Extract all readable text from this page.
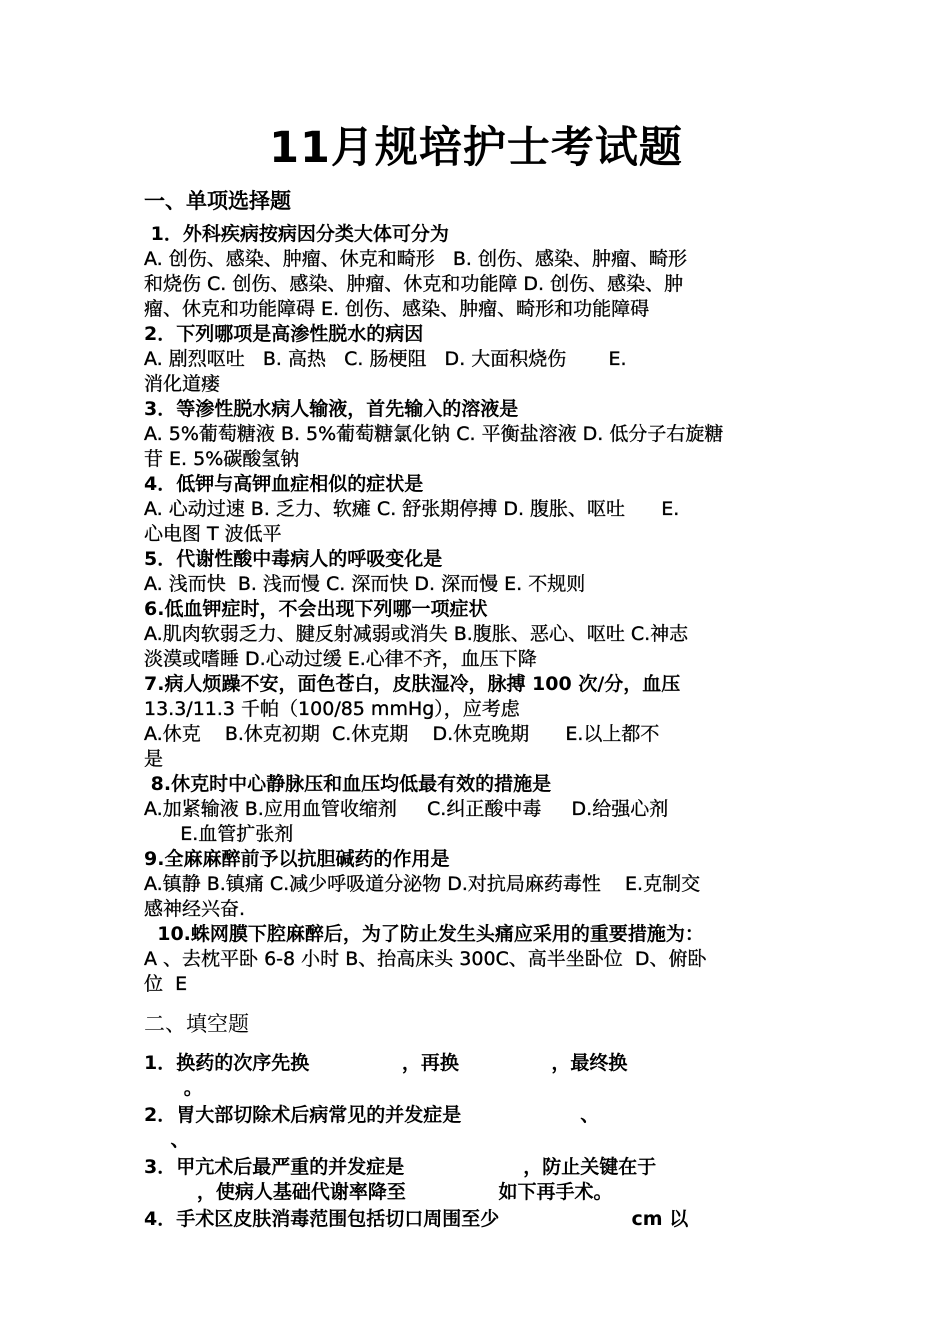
11月规培护士考试题
一、单项选择题
1．外科疾病按病因分类大体可分为
A. 创伤、感染、肿瘤、休克和畸形   B. 创伤、感染、肿瘤、畸形
和烧伤 C. 创伤、感染、肿瘤、休克和功能障 D. 创伤、感染、肿
瘤、休克和功能障碍 E. 创伤、感染、肿瘤、畸形和功能障碍
2．下列哪项是高渗性脱水的病因
A. 剧烈呕吐   B. 高热   C. 肠梗阻   D. 大面积烧伤       E.
消化道瘘
3．等渗性脱水病人输液，首先输入的溶液是
A. 5%葡萄糖液 B. 5%葡萄糖氯化钠 C. 平衡盐溶液 D. 低分子右旋糖
苷 E. 5%碳酸氢钠
4．低钾与高钾血症相似的症状是
A. 心动过速 B. 乏力、软瘫 C. 舒张期停搏 D. 腹胀、呕吐      E.
心电图 T 波低平
5．代谢性酸中毒病人的呼吸变化是
A. 浅而快  B. 浅而慢 C. 深而快 D. 深而慢 E. 不规则
6.低血钾症时，不会出现下列哪一项症状
A.肌肉软弱乏力、腱反射减弱或消失 B.腹胀、恶心、呕吐 C.神志
淡漠或嗜睡 D.心动过缓 E.心律不齐，血压下降
7.病人烦躁不安，面色苍白，皮肤湿冷，脉搏 100 次/分，血压
13.3/11.3 千帕（100/85 mmHg），应考虑
A.休克    B.休克初期  C.休克期    D.休克晚期      E.以上都不
是
8.休克时中心静脉压和血压均低最有效的措施是
A.加紧输液 B.应用血管收缩剂     C.纠正酸中毒     D.给强心剂
E.血管扩张剂
9.全麻麻醉前予以抗胆碱药的作用是
A.镇静 B.镇痛 C.减少呼吸道分泌物 D.对抗局麻药毒性    E.克制交
感神经兴奋.
10.蛛网膜下腔麻醉后，为了防止发生头痛应采用的重要措施为：
A 、去枕平卧 6-8 小时 B、抬高床头 300C、高半坐卧位  D、俯卧
位  E
二、填空题
1．换药的次序先换              ，再换              ，最终换
。
2．胃大部切除术后病常见的并发症是                  、
、
3．甲亢术后最严重的并发症是                  ，防止关键在于
，使病人基础代谢率降至              如下再手术。
4．手术区皮肤消毒范围包括切口周围至少                    cm 以
